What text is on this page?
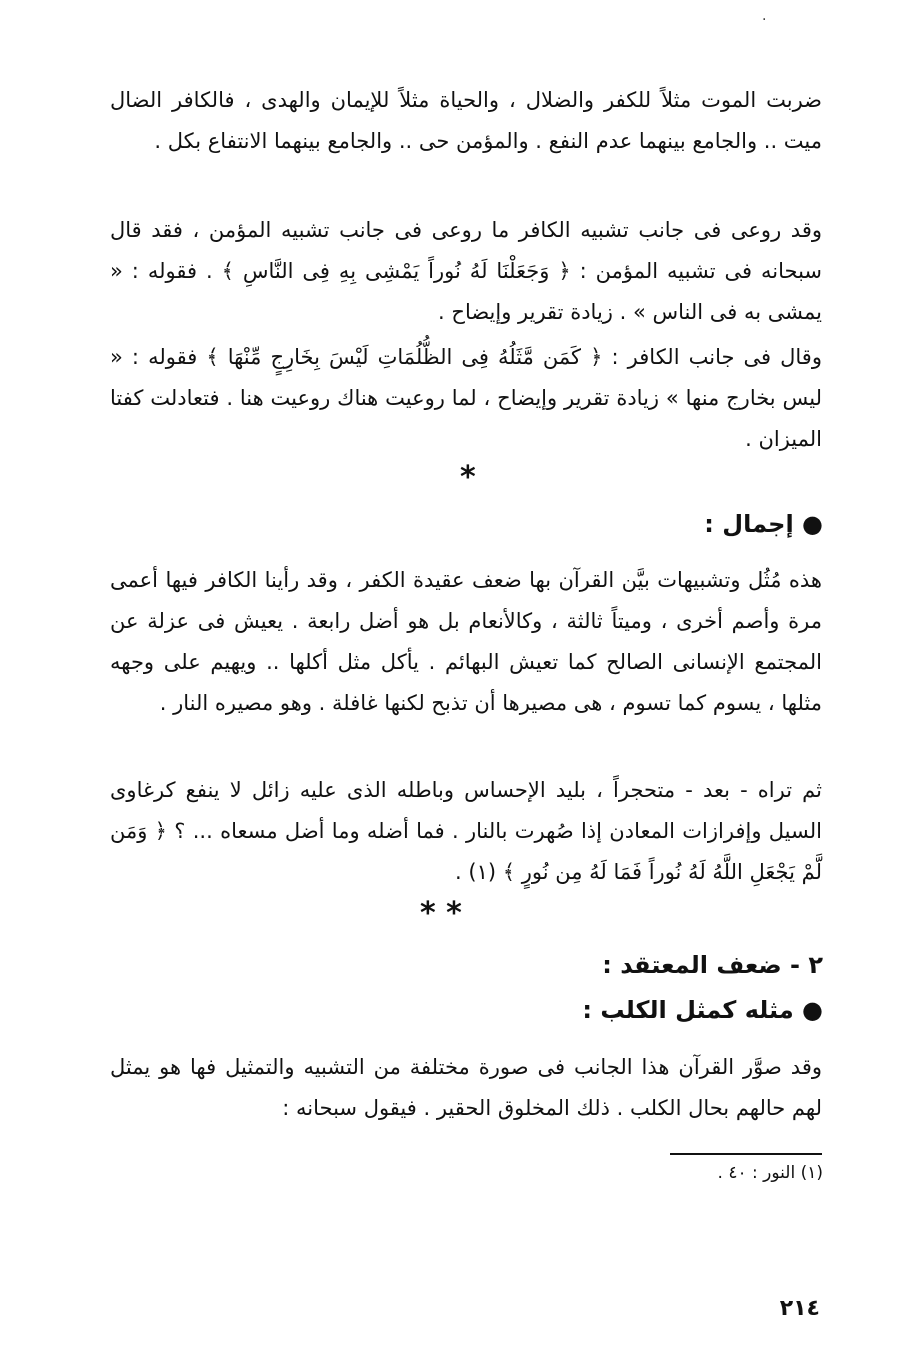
·

ضربت الموت مثلاً للكفر والضلال ، والحياة مثلاً للإيمان والهدى ، فالكافر الضال ميت .. والجامع بينهما عدم النفع . والمؤمن حى .. والجامع بينهما الانتفاع بكل .

وقد روعى فى جانب تشبيه الكافر ما روعى فى جانب تشبيه المؤمن ، فقد قال سبحانه فى تشبيه المؤمن : ﴿ وَجَعَلْنَا لَهُ نُوراً يَمْشِى بِهِ فِى النَّاسِ ﴾ . فقوله : « يمشى به فى الناس » . زيادة تقرير وإيضاح .

وقال فى جانب الكافر : ﴿ كَمَن مَّثَلُهُ فِى الظُّلُمَاتِ لَيْسَ بِخَارِجٍ مِّنْهَا ﴾ فقوله : « ليس بخارج منها » زيادة تقرير وإيضاح ، لما روعيت هناك روعيت هنا . فتعادلت كفتا الميزان .

*
● إجمال :

هذه مُثُل وتشبيهات بيَّن القرآن بها ضعف عقيدة الكفر ، وقد رأينا الكافر فيها أعمى مرة وأصم أخرى ، وميتاً ثالثة ، وكالأنعام بل هو أضل رابعة . يعيش فى عزلة عن المجتمع الإنسانى الصالح كما تعيش البهائم . يأكل مثل أكلها .. ويهيم على وجهه مثلها ، يسوم كما تسوم ، هى مصيرها أن تذبح لكنها غافلة . وهو مصيره النار .

ثم تراه - بعد - متحجراً ، بليد الإحساس وباطله الذى عليه زائل لا ينفع كرغاوى السيل وإفرازات المعادن إذا صُهرت بالنار . فما أضله وما أضل مسعاه ... ؟ ﴿ وَمَن لَّمْ يَجْعَلِ اللَّهُ لَهُ نُوراً فَمَا لَهُ مِن نُورٍ ﴾ (١) .

* *
٢ - ضعف المعتقد :
● مثله كمثل الكلب :

وقد صوَّر القرآن هذا الجانب فى صورة مختلفة من التشبيه والتمثيل فها هو يمثل لهم حالهم بحال الكلب . ذلك المخلوق الحقير . فيقول سبحانه :

(١) النور : ٤٠ .
٢١٤
